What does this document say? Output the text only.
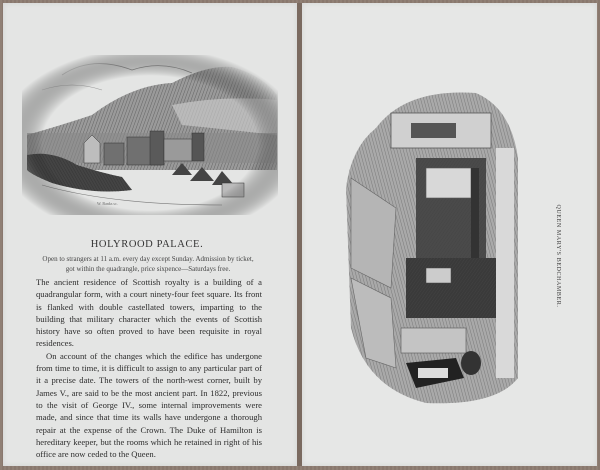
W. Banks sc.
HOLYROOD PALACE.
Open to strangers at 11 a.m. every day except Sunday. Admission by ticket,
got within the quadrangle, price sixpence—Saturdays free.

The ancient residence of Scottish royalty is a building of a quadrangular form, with a court ninety-four feet square. Its front is flanked with double castellated towers, imparting to the building that military character which the events of Scottish history have so often proved to have been requisite in royal residences.

On account of the changes which the edifice has undergone from time to time, it is difficult to assign to any particular part of it a precise date. The towers of the north-west corner, built by James V., are said to be the most ancient part. In 1822, previous to the visit of George IV., some internal improvements were made, and since that time its walls have undergone a thorough repair at the expense of the Crown. The Duke of Hamilton is hereditary keeper, but the rooms which he retained in right of his office are now ceded to the Queen.

QUEEN MARY'S BEDCHAMBER.
